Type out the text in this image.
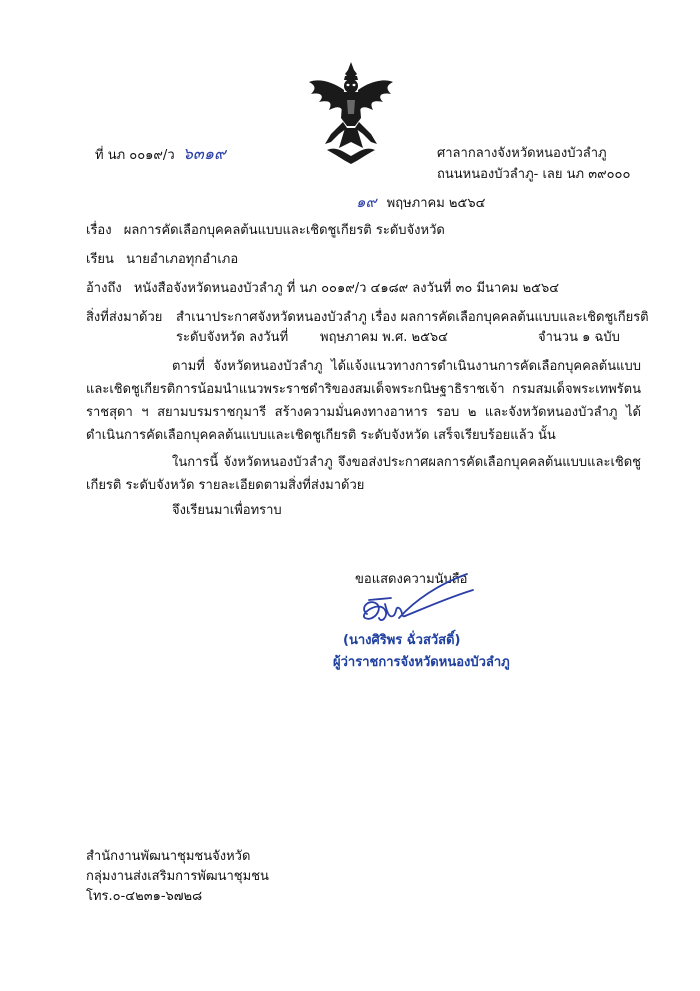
ที่ นภ ๐๐๑๙/ว ๖๓๑๙	ศาลากลางจังหวัดหนองบัวลำภู
ถนนหนองบัวลำภู- เลย นภ ๓๙๐๐๐
๑๙ พฤษภาคม ๒๕๖๔
เรื่อง ผลการคัดเลือกบุคคลต้นแบบและเชิดชูเกียรติ ระดับจังหวัด
เรียน นายอำเภอทุกอำเภอ
อ้างถึง หนังสือจังหวัดหนองบัวลำภู ที่ นภ ๐๐๑๙/ว ๔๑๘๙ ลงวันที่ ๓๐ มีนาคม ๒๕๖๔
สิ่งที่ส่งมาด้วย สำเนาประกาศจังหวัดหนองบัวลำภู เรื่อง ผลการคัดเลือกบุคคลต้นแบบและเชิดชูเกียรติ
ระดับจังหวัด ลงวันที่ พฤษภาคม พ.ศ. ๒๕๖๔	จำนวน ๑ ฉบับ
ตามที่ จังหวัดหนองบัวลำภู ได้แจ้งแนวทางการดำเนินงานการคัดเลือกบุคคลต้นแบบ และเชิดชูเกียรติการน้อมนำแนวพระราชดำริของสมเด็จพระกนิษฐาธิราชเจ้า กรมสมเด็จพระเทพรัตนราชสุดา ฯ สยามบรมราชกุมารี สร้างความมั่นคงทางอาหาร รอบ ๒ และจังหวัดหนองบัวลำภู ได้ดำเนินการคัดเลือกบุคคลต้นแบบและเชิดชูเกียรติ ระดับจังหวัด เสร็จเรียบร้อยแล้ว นั้น
ในการนี้ จังหวัดหนองบัวลำภู จึงขอส่งประกาศผลการคัดเลือกบุคคลต้นแบบและเชิดชูเกียรติ ระดับจังหวัด รายละเอียดตามสิ่งที่ส่งมาด้วย
จึงเรียนมาเพื่อทราบ
ขอแสดงความนับถือ
(นางศิริพร ฉั่วสวัสดิ์)
ผู้ว่าราชการจังหวัดหนองบัวลำภู
สำนักงานพัฒนาชุมชนจังหวัด
กลุ่มงานส่งเสริมการพัฒนาชุมชน
โทร.๐-๔๒๓๑-๖๗๒๘
